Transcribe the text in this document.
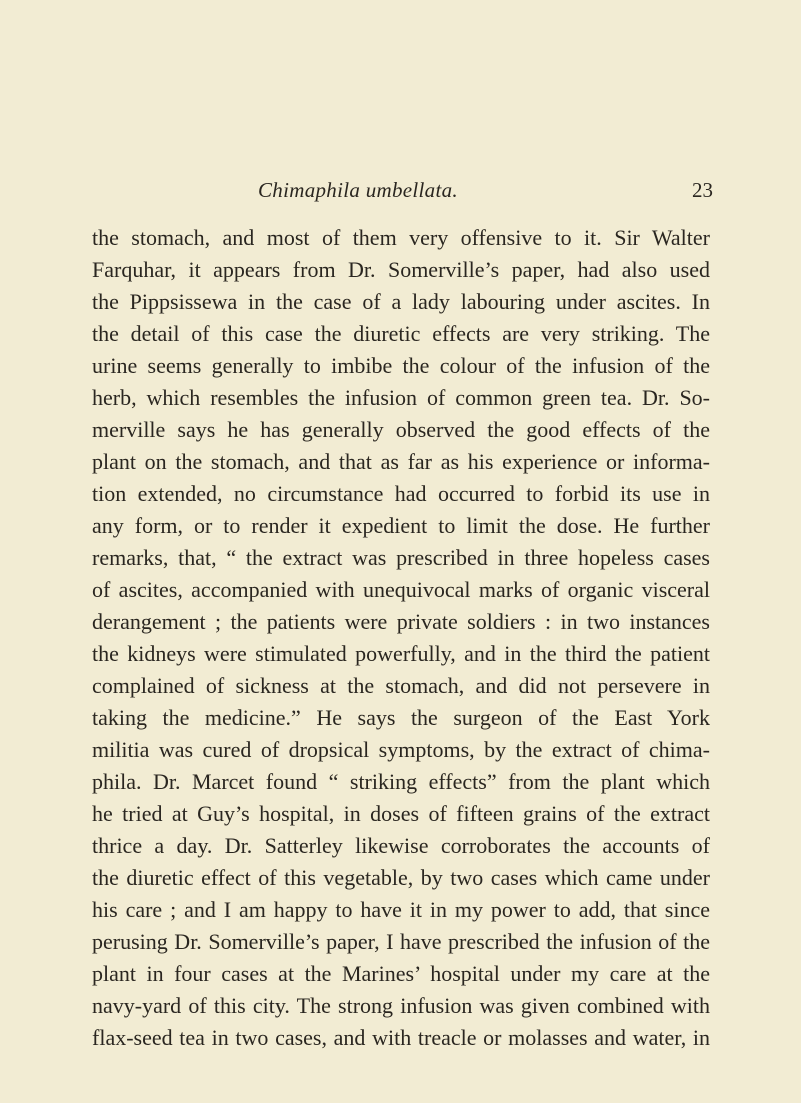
Chimaphila umbellata.	23
the stomach, and most of them very offensive to it. Sir Walter
Farquhar, it appears from Dr. Somerville’s paper, had also used
the Pippsissewa in the case of a lady labouring under ascites. In
the detail of this case the diuretic effects are very striking. The
urine seems generally to imbibe the colour of the infusion of the
herb, which resembles the infusion of common green tea. Dr. So-
merville says he has generally observed the good effects of the
plant on the stomach, and that as far as his experience or informa-
tion extended, no circumstance had occurred to forbid its use in
any form, or to render it expedient to limit the dose. He further
remarks, that, “ the extract was prescribed in three hopeless cases
of ascites, accompanied with unequivocal marks of organic visceral
derangement ; the patients were private soldiers : in two instances
the kidneys were stimulated powerfully, and in the third the patient
complained of sickness at the stomach, and did not persevere in
taking the medicine.” He says the surgeon of the East York
militia was cured of dropsical symptoms, by the extract of chima-
phila. Dr. Marcet found “ striking effects” from the plant which
he tried at Guy’s hospital, in doses of fifteen grains of the extract
thrice a day. Dr. Satterley likewise corroborates the accounts of
the diuretic effect of this vegetable, by two cases which came under
his care ; and I am happy to have it in my power to add, that since
perusing Dr. Somerville’s paper, I have prescribed the infusion of the
plant in four cases at the Marines’ hospital under my care at the
navy-yard of this city. The strong infusion was given combined with
flax-seed tea in two cases, and with treacle or molasses and water, in
